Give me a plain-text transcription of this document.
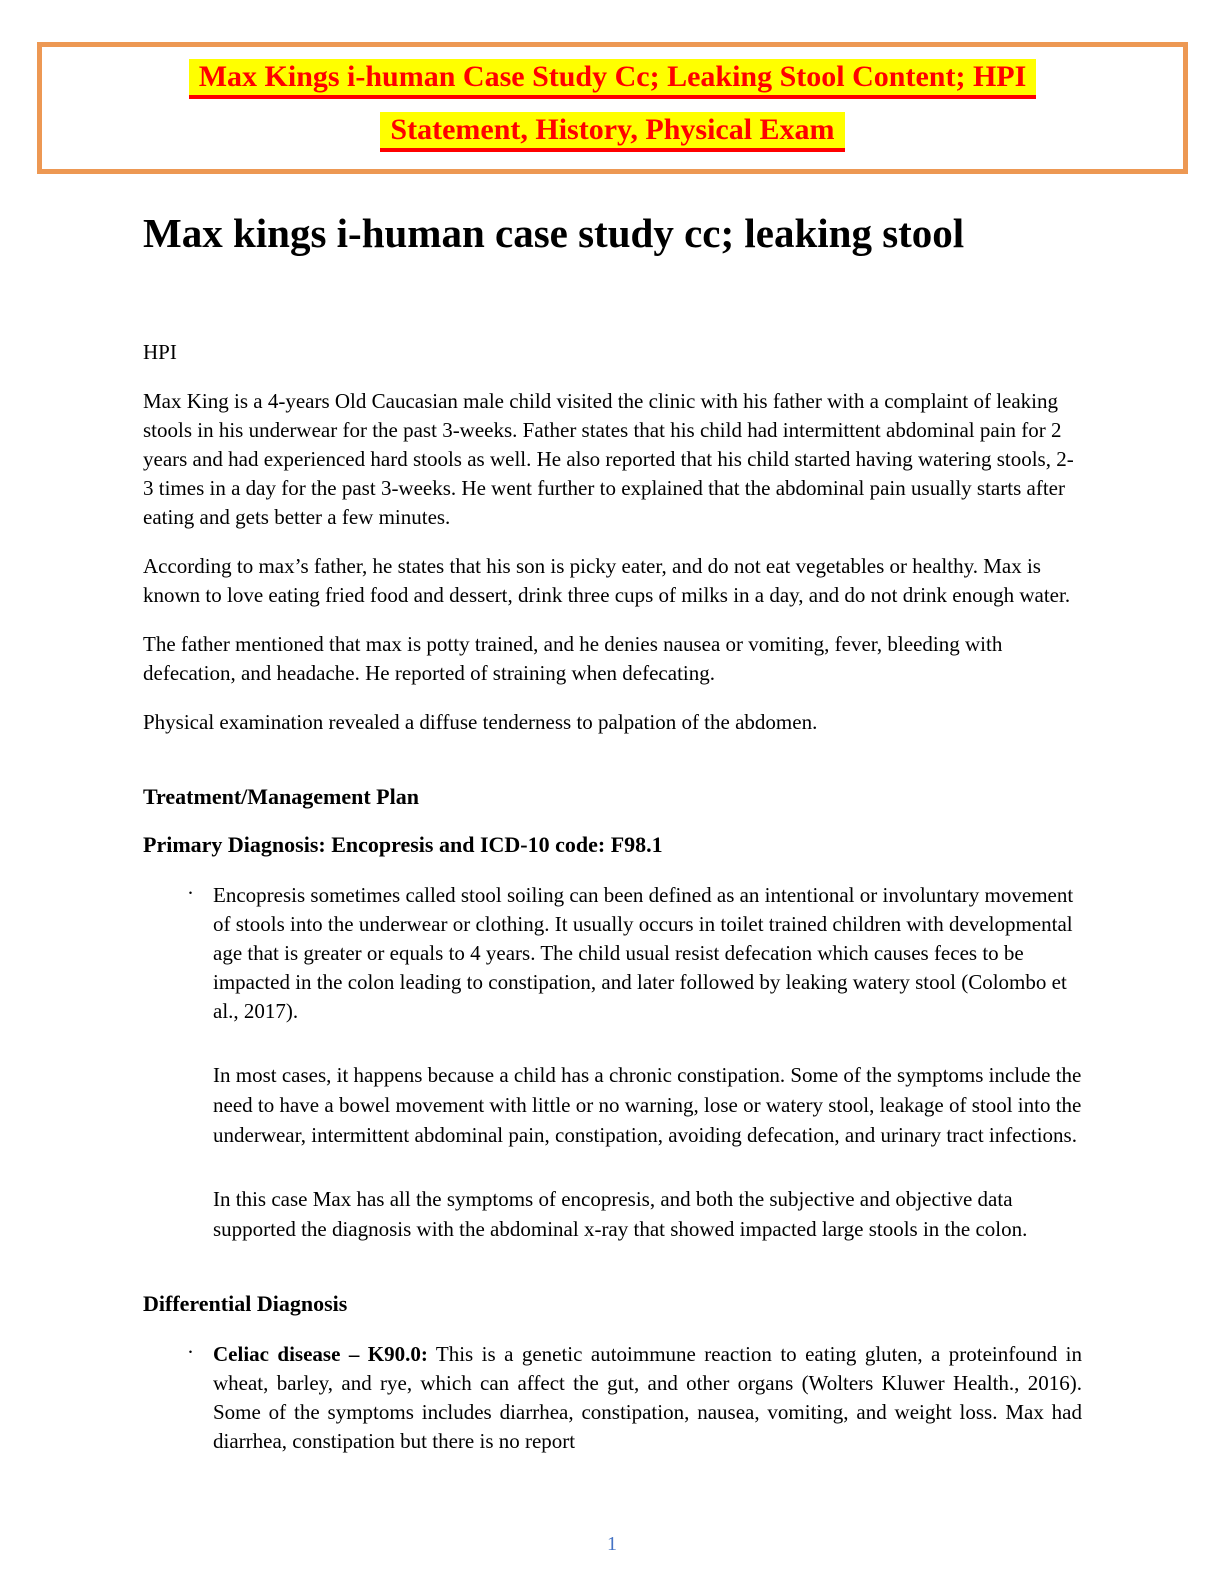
Max Kings i-human Case Study Cc; Leaking Stool Content; HPI
Statement, History, Physical Exam
Max kings i-human case study cc; leaking stool
HPI

Max King is a 4-years Old Caucasian male child visited the clinic with his father with a complaint of leaking stools in his underwear for the past 3-weeks. Father states that his child had intermittent abdominal pain for 2 years and had experienced hard stools as well. He also reported that his child started having watering stools, 2-3 times in a day for the past 3-weeks. He went further to explained that the abdominal pain usually starts after eating and gets better a few minutes.

According to max’s father, he states that his son is picky eater, and do not eat vegetables or healthy. Max is known to love eating fried food and dessert, drink three cups of milks in a day, and do not drink enough water.

The father mentioned that max is potty trained, and he denies nausea or vomiting, fever, bleeding with defecation, and headache. He reported of straining when defecating.

Physical examination revealed a diffuse tenderness to palpation of the abdomen.

Treatment/Management Plan
Primary Diagnosis: Encopresis and ICD-10 code: F98.1
· Encopresis sometimes called stool soiling can been defined as an intentional or involuntary movement of stools into the underwear or clothing. It usually occurs in toilet trained children with developmental age that is greater or equals to 4 years. The child usual resist defecation which causes feces to be impacted in the colon leading to constipation, and later followed by leaking watery stool (Colombo et al., 2017).

In most cases, it happens because a child has a chronic constipation. Some of the symptoms include the need to have a bowel movement with little or no warning, lose or watery stool, leakage of stool into the underwear, intermittent abdominal pain, constipation, avoiding defecation, and urinary tract infections.

In this case Max has all the symptoms of encopresis, and both the subjective and objective data supported the diagnosis with the abdominal x-ray that showed impacted large stools in the colon.

Differential Diagnosis
· Celiac disease – K90.0: This is a genetic autoimmune reaction to eating gluten, a proteinfound in wheat, barley, and rye, which can affect the gut, and other organs (Wolters Kluwer Health., 2016). Some of the symptoms includes diarrhea, constipation, nausea, vomiting, and weight loss. Max had diarrhea, constipation but there is no report
1
